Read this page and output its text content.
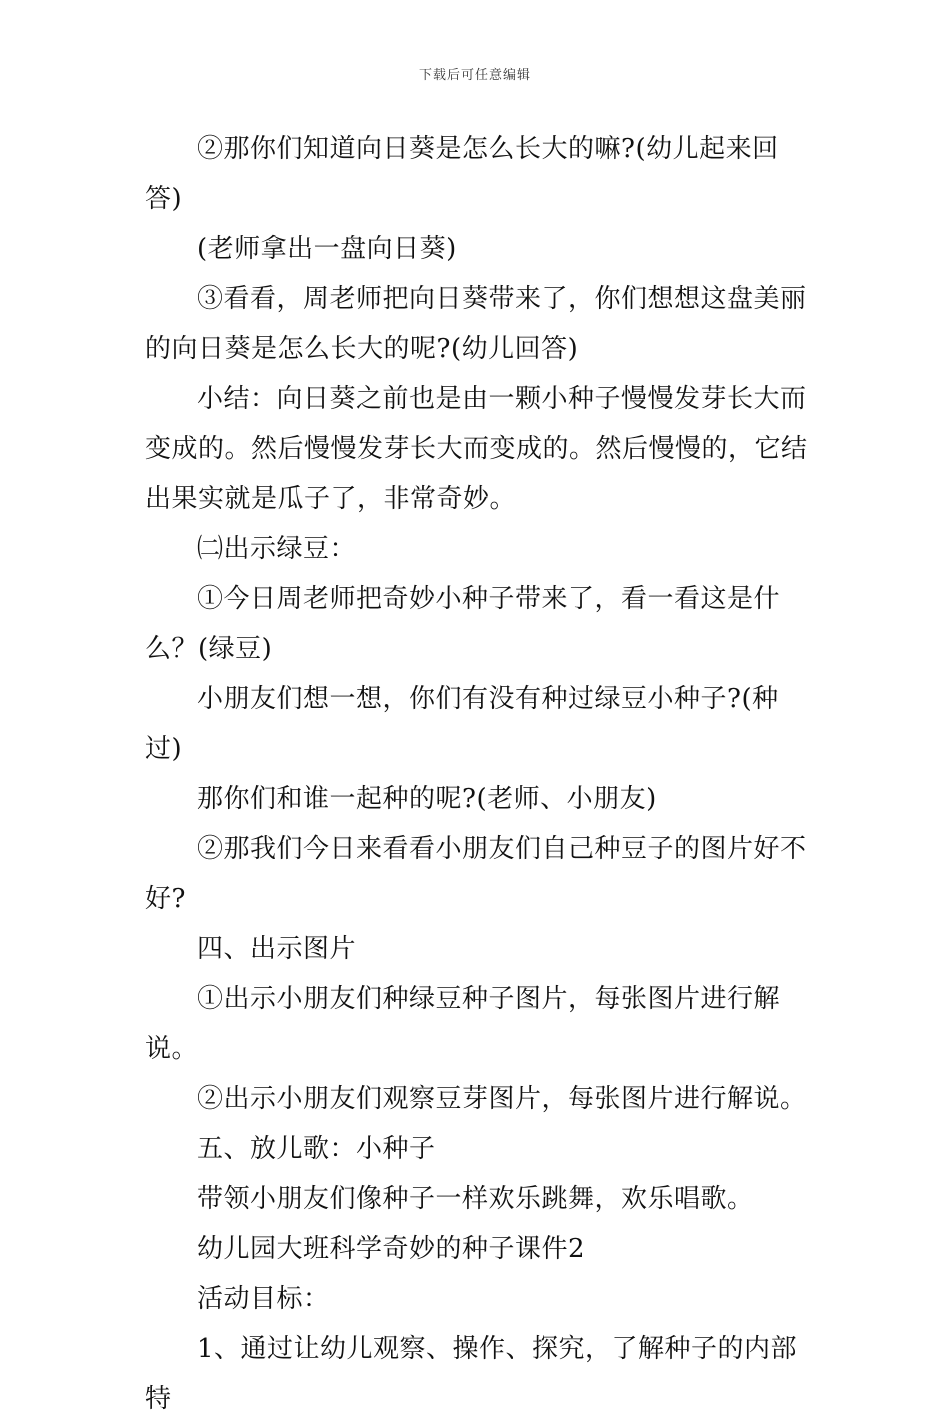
下载后可任意编辑

②那你们知道向日葵是怎么长大的嘛?(幼儿起来回答)

(老师拿出一盘向日葵)

③看看，周老师把向日葵带来了，你们想想这盘美丽的向日葵是怎么长大的呢?(幼儿回答)

小结：向日葵之前也是由一颗小种子慢慢发芽长大而变成的。然后慢慢发芽长大而变成的。然后慢慢的，它结出果实就是瓜子了，非常奇妙。

㈡出示绿豆：

①今日周老师把奇妙小种子带来了，看一看这是什么？(绿豆)

小朋友们想一想，你们有没有种过绿豆小种子?(种过)

那你们和谁一起种的呢?(老师、小朋友)

②那我们今日来看看小朋友们自己种豆子的图片好不好?

四、出示图片

①出示小朋友们种绿豆种子图片，每张图片进行解说。

②出示小朋友们观察豆芽图片，每张图片进行解说。

五、放儿歌：小种子

带领小朋友们像种子一样欢乐跳舞，欢乐唱歌。

幼儿园大班科学奇妙的种子课件2

活动目标：

1、通过让幼儿观察、操作、探究，了解种子的内部特
